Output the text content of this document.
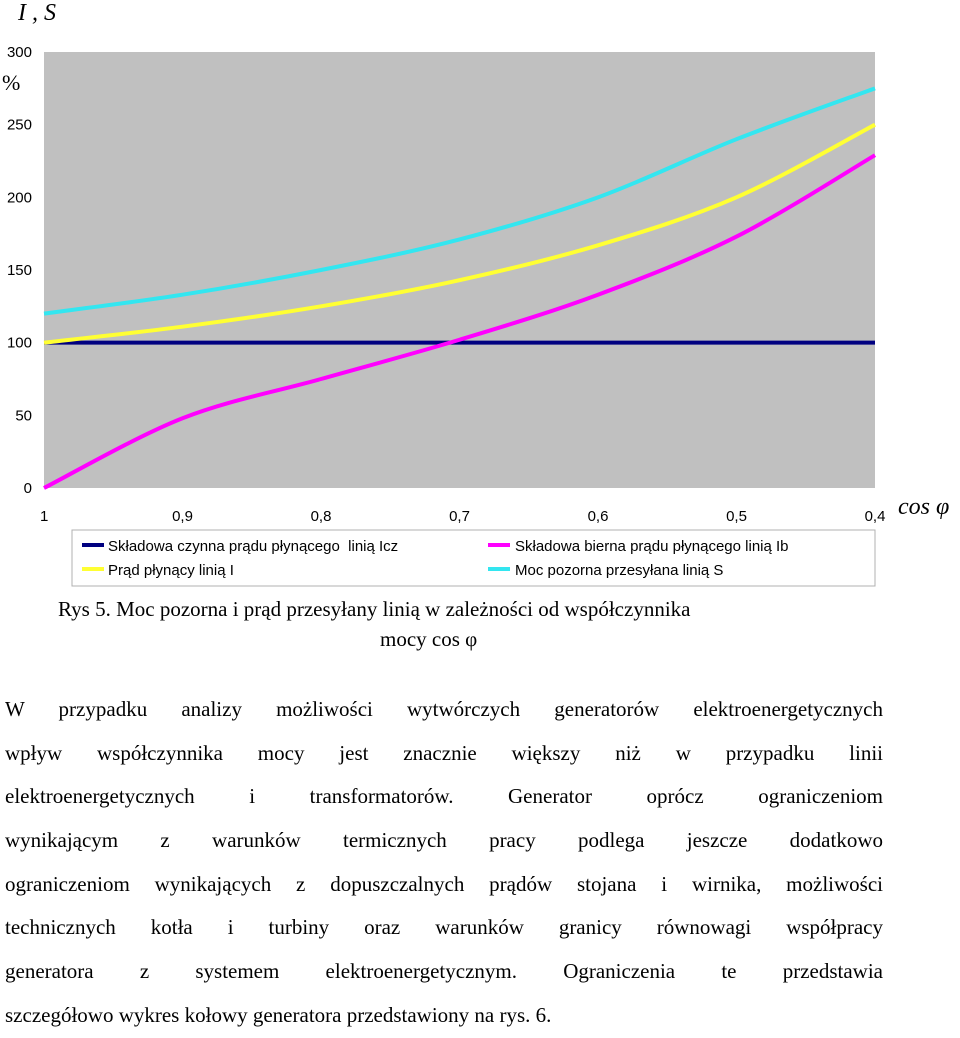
I , S
%
cos φ
0
50
100
150
200
250
300
1	0,9	0,8	0,7	0,6	0,5	0,4
Składowa czynna prądu płynącego  linią Icz	Składowa bierna prądu płynącego linią Ib
Prąd płynący linią I	Moc pozorna przesyłana linią S
Rys 5. Moc pozorna i prąd przesyłany linią w zależności od współczynnika
mocy cos φ
W przypadku analizy możliwości wytwórczych generatorów elektroenergetycznych
wpływ współczynnika mocy jest znacznie większy niż w przypadku linii
elektroenergetycznych i transformatorów. Generator oprócz ograniczeniom
wynikającym z warunków termicznych pracy podlega jeszcze dodatkowo
ograniczeniom wynikających z dopuszczalnych prądów stojana i wirnika, możliwości
technicznych kotła i turbiny oraz warunków granicy równowagi współpracy
generatora z systemem elektroenergetycznym. Ograniczenia te przedstawia
szczegółowo wykres kołowy generatora przedstawiony na rys. 6.
